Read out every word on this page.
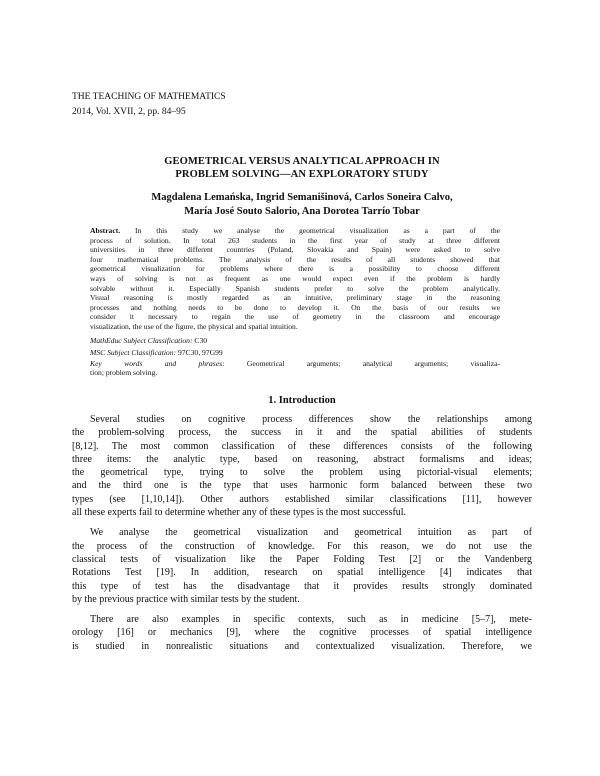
THE TEACHING OF MATHEMATICS
2014, Vol. XVII, 2, pp. 84–95
GEOMETRICAL VERSUS ANALYTICAL APPROACH IN
PROBLEM SOLVING—AN EXPLORATORY STUDY
Magdalena Lemańska, Ingrid Semanišinová, Carlos Soneira Calvo,
María José Souto Salorio, Ana Dorotea Tarrío Tobar
Abstract. In this study we analyse the geometrical visualization as a part of the
process of solution. In total 263 students in the first year of study at three different
universities in three different countries (Poland, Slovakia and Spain) were asked to solve
four mathematical problems. The analysis of the results of all students showed that
geometrical visualization for problems where there is a possibility to choose different
ways of solving is not as frequent as one would expect even if the problem is hardly
solvable without it. Especially Spanish students prefer to solve the problem analytically.
Visual reasoning is mostly regarded as an intuitive, preliminary stage in the reasoning
processes and nothing needs to be done to develop it. On the basis of our results we
consider it necessary to regain the use of geometry in the classroom and encourage
visualization, the use of the figure, the physical and spatial intuition.
MathEduc Subject Classification: C30
MSC Subject Classification: 97C30, 97G99
Key words and phrases: Geometrical arguments; analytical arguments; visualiza-
tion; problem solving.
1. Introduction
Several studies on cognitive process differences show the relationships among
the problem-solving process, the success in it and the spatial abilities of students
[8,12]. The most common classification of these differences consists of the following
three items: the analytic type, based on reasoning, abstract formalisms and ideas;
the geometrical type, trying to solve the problem using pictorial-visual elements;
and the third one is the type that uses harmonic form balanced between these two
types (see [1,10,14]). Other authors established similar classifications [11], however
all these experts fail to determine whether any of these types is the most successful.
We analyse the geometrical visualization and geometrical intuition as part of
the process of the construction of knowledge. For this reason, we do not use the
classical tests of visualization like the Paper Folding Test [2] or the Vandenberg
Rotations Test [19]. In addition, research on spatial intelligence [4] indicates that
this type of test has the disadvantage that it provides results strongly dominated
by the previous practice with similar tests by the student.
There are also examples in specific contexts, such as in medicine [5–7], mete-
orology [16] or mechanics [9], where the cognitive processes of spatial intelligence
is studied in nonrealistic situations and contextualized visualization. Therefore, we
